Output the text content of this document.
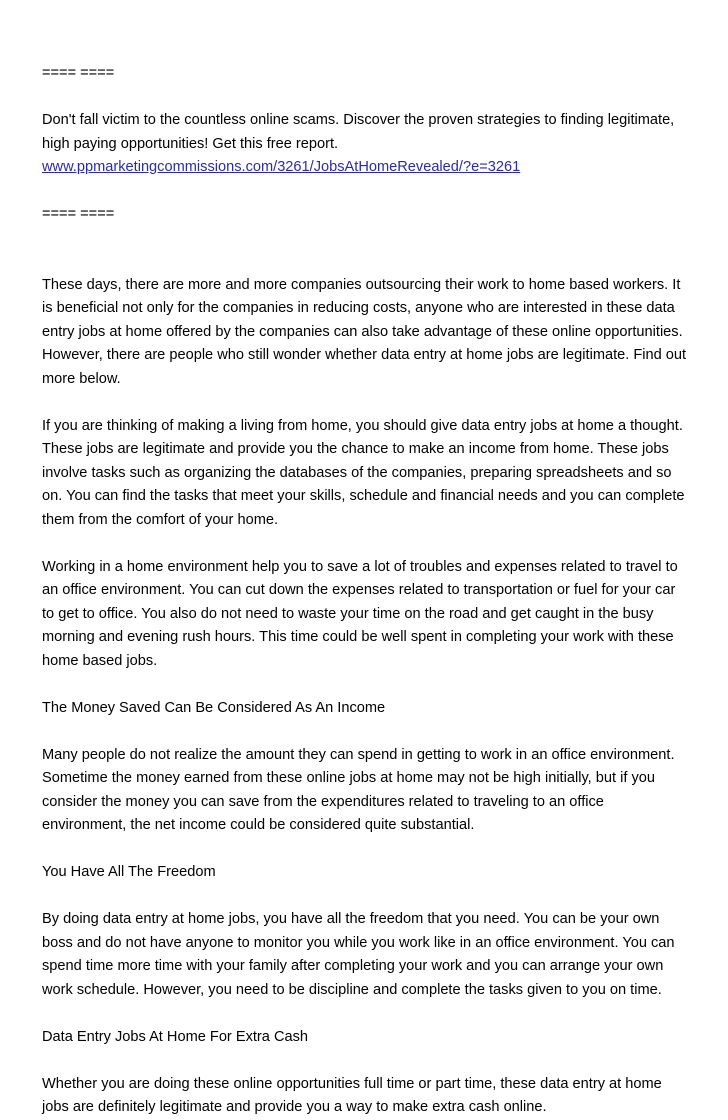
==== ====

Don't fall victim to the countless online scams. Discover the proven strategies to finding legitimate, high paying opportunities! Get this free report.

www.ppmarketingcommissions.com/3261/JobsAtHomeRevealed/?e=3261

==== ====

These days, there are more and more companies outsourcing their work to home based workers. It is beneficial not only for the companies in reducing costs, anyone who are interested in these data entry jobs at home offered by the companies can also take advantage of these online opportunities. However, there are people who still wonder whether data entry at home jobs are legitimate. Find out more below.

If you are thinking of making a living from home, you should give data entry jobs at home a thought. These jobs are legitimate and provide you the chance to make an income from home. These jobs involve tasks such as organizing the databases of the companies, preparing spreadsheets and so on. You can find the tasks that meet your skills, schedule and financial needs and you can complete them from the comfort of your home.

Working in a home environment help you to save a lot of troubles and expenses related to travel to an office environment. You can cut down the expenses related to transportation or fuel for your car to get to office. You also do not need to waste your time on the road and get caught in the busy morning and evening rush hours. This time could be well spent in completing your work with these home based jobs.

The Money Saved Can Be Considered As An Income

Many people do not realize the amount they can spend in getting to work in an office environment. Sometime the money earned from these online jobs at home may not be high initially, but if you consider the money you can save from the expenditures related to traveling to an office environment, the net income could be considered quite substantial.

You Have All The Freedom

By doing data entry at home jobs, you have all the freedom that you need. You can be your own boss and do not have anyone to monitor you while you work like in an office environment. You can spend time more time with your family after completing your work and you can arrange your own work schedule. However, you need to be discipline and complete the tasks given to you on time.

Data Entry Jobs At Home For Extra Cash

Whether you are doing these online opportunities full time or part time, these data entry at home jobs are definitely legitimate and provide you a way to make extra cash online.
